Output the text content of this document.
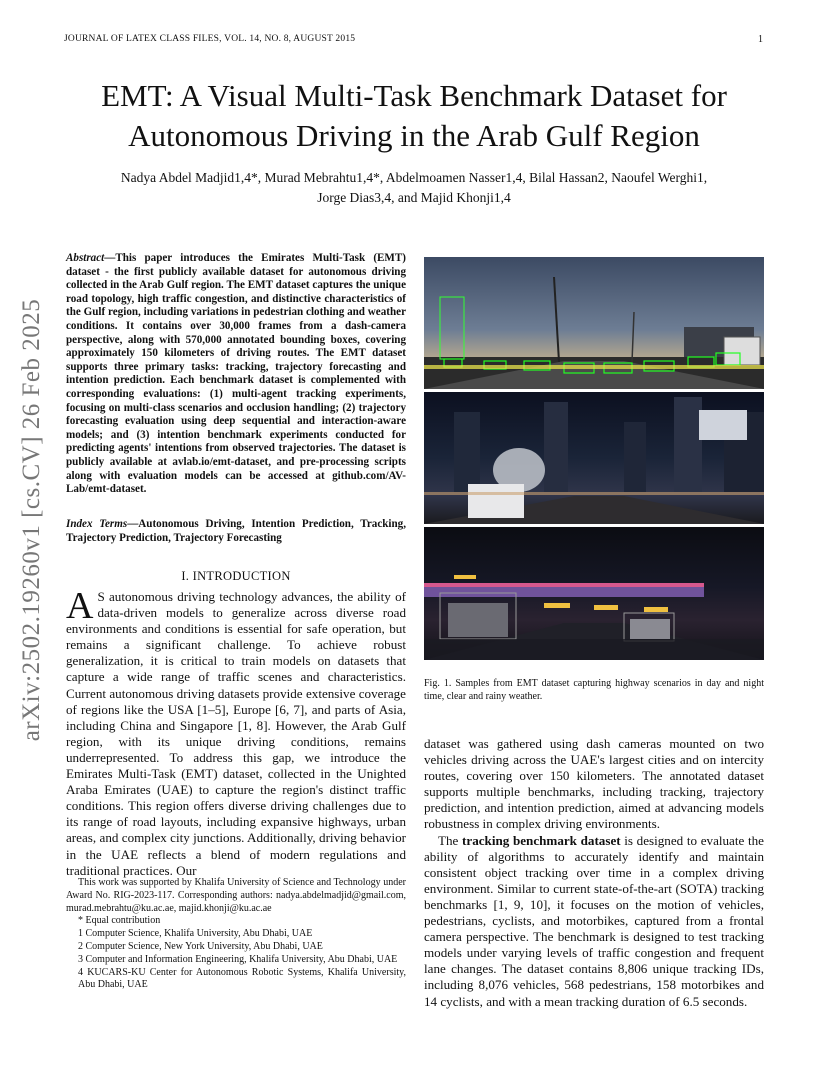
JOURNAL OF LATEX CLASS FILES, VOL. 14, NO. 8, AUGUST 2015	1
EMT: A Visual Multi-Task Benchmark Dataset for
Autonomous Driving in the Arab Gulf Region
Nadya Abdel Madjid1,4*, Murad Mebrahtu1,4*, Abdelmoamen Nasser1,4, Bilal Hassan2, Naoufel Werghi1,
Jorge Dias3,4, and Majid Khonji1,4
arXiv:2502.19260v1 [cs.CV] 26 Feb 2025
Abstract—This paper introduces the Emirates Multi-Task (EMT) dataset - the first publicly available dataset for autonomous driving collected in the Arab Gulf region. The EMT dataset captures the unique road topology, high traffic congestion, and distinctive characteristics of the Gulf region, including variations in pedestrian clothing and weather conditions. It contains over 30,000 frames from a dash-camera perspective, along with 570,000 annotated bounding boxes, covering approximately 150 kilometers of driving routes. The EMT dataset supports three primary tasks: tracking, trajectory forecasting and intention prediction. Each benchmark dataset is complemented with corresponding evaluations: (1) multi-agent tracking experiments, focusing on multi-class scenarios and occlusion handling; (2) trajectory forecasting evaluation using deep sequential and interaction-aware models; and (3) intention benchmark experiments conducted for predicting agents' intentions from observed trajectories. The dataset is publicly available at avlab.io/emt-dataset, and pre-processing scripts along with evaluation models can be accessed at github.com/AV-Lab/emt-dataset.
Index Terms—Autonomous Driving, Intention Prediction, Tracking, Trajectory Prediction, Trajectory Forecasting
I. INTRODUCTION
A S autonomous driving technology advances, the ability of data-driven models to generalize across diverse road environments and conditions is essential for safe operation, but remains a significant challenge. To achieve robust generalization, it is critical to train models on datasets that capture a wide range of traffic scenes and characteristics. Current autonomous driving datasets provide extensive coverage of regions like the USA [1–5], Europe [6, 7], and parts of Asia, including China and Singapore [1, 8]. However, the Arab Gulf region, with its unique driving conditions, remains underrepresented. To address this gap, we introduce the Emirates Multi-Task (EMT) dataset, collected in the Unighted Araba Emirates (UAE) to capture the region's distinct traffic conditions. This region offers diverse driving challenges due to its range of road layouts, including expansive highways, urban areas, and complex city junctions. Additionally, driving behavior in the UAE reflects a blend of modern regulations and traditional practices. Our

This work was supported by Khalifa University of Science and Technology under Award No. RIG-2023-117. Corresponding authors: nadya.abdelmadjid@gmail.com, murad.mebrahtu@ku.ac.ae, majid.khonji@ku.ac.ae

* Equal contribution

1 Computer Science, Khalifa University, Abu Dhabi, UAE

2 Computer Science, New York University, Abu Dhabi, UAE

3 Computer and Information Engineering, Khalifa University, Abu Dhabi, UAE

4 KUCARS-KU Center for Autonomous Robotic Systems, Khalifa University, Abu Dhabi, UAE

Fig. 1. Samples from EMT dataset capturing highway scenarios in day and night time, clear and rainy weather.

dataset was gathered using dash cameras mounted on two vehicles driving across the UAE's largest cities and on intercity routes, covering over 150 kilometers. The annotated dataset supports multiple benchmarks, including tracking, trajectory prediction, and intention prediction, aimed at advancing models robustness in complex driving environments.

The tracking benchmark dataset is designed to evaluate the ability of algorithms to accurately identify and maintain consistent object tracking over time in a complex driving environment. Similar to current state-of-the-art (SOTA) tracking benchmarks [1, 9, 10], it focuses on the motion of vehicles, pedestrians, cyclists, and motorbikes, captured from a frontal camera perspective. The benchmark is designed to test tracking models under varying levels of traffic congestion and frequent lane changes. The dataset contains 8,806 unique tracking IDs, including 8,076 vehicles, 568 pedestrians, 158 motorbikes and 14 cyclists, and with a mean tracking duration of 6.5 seconds.
